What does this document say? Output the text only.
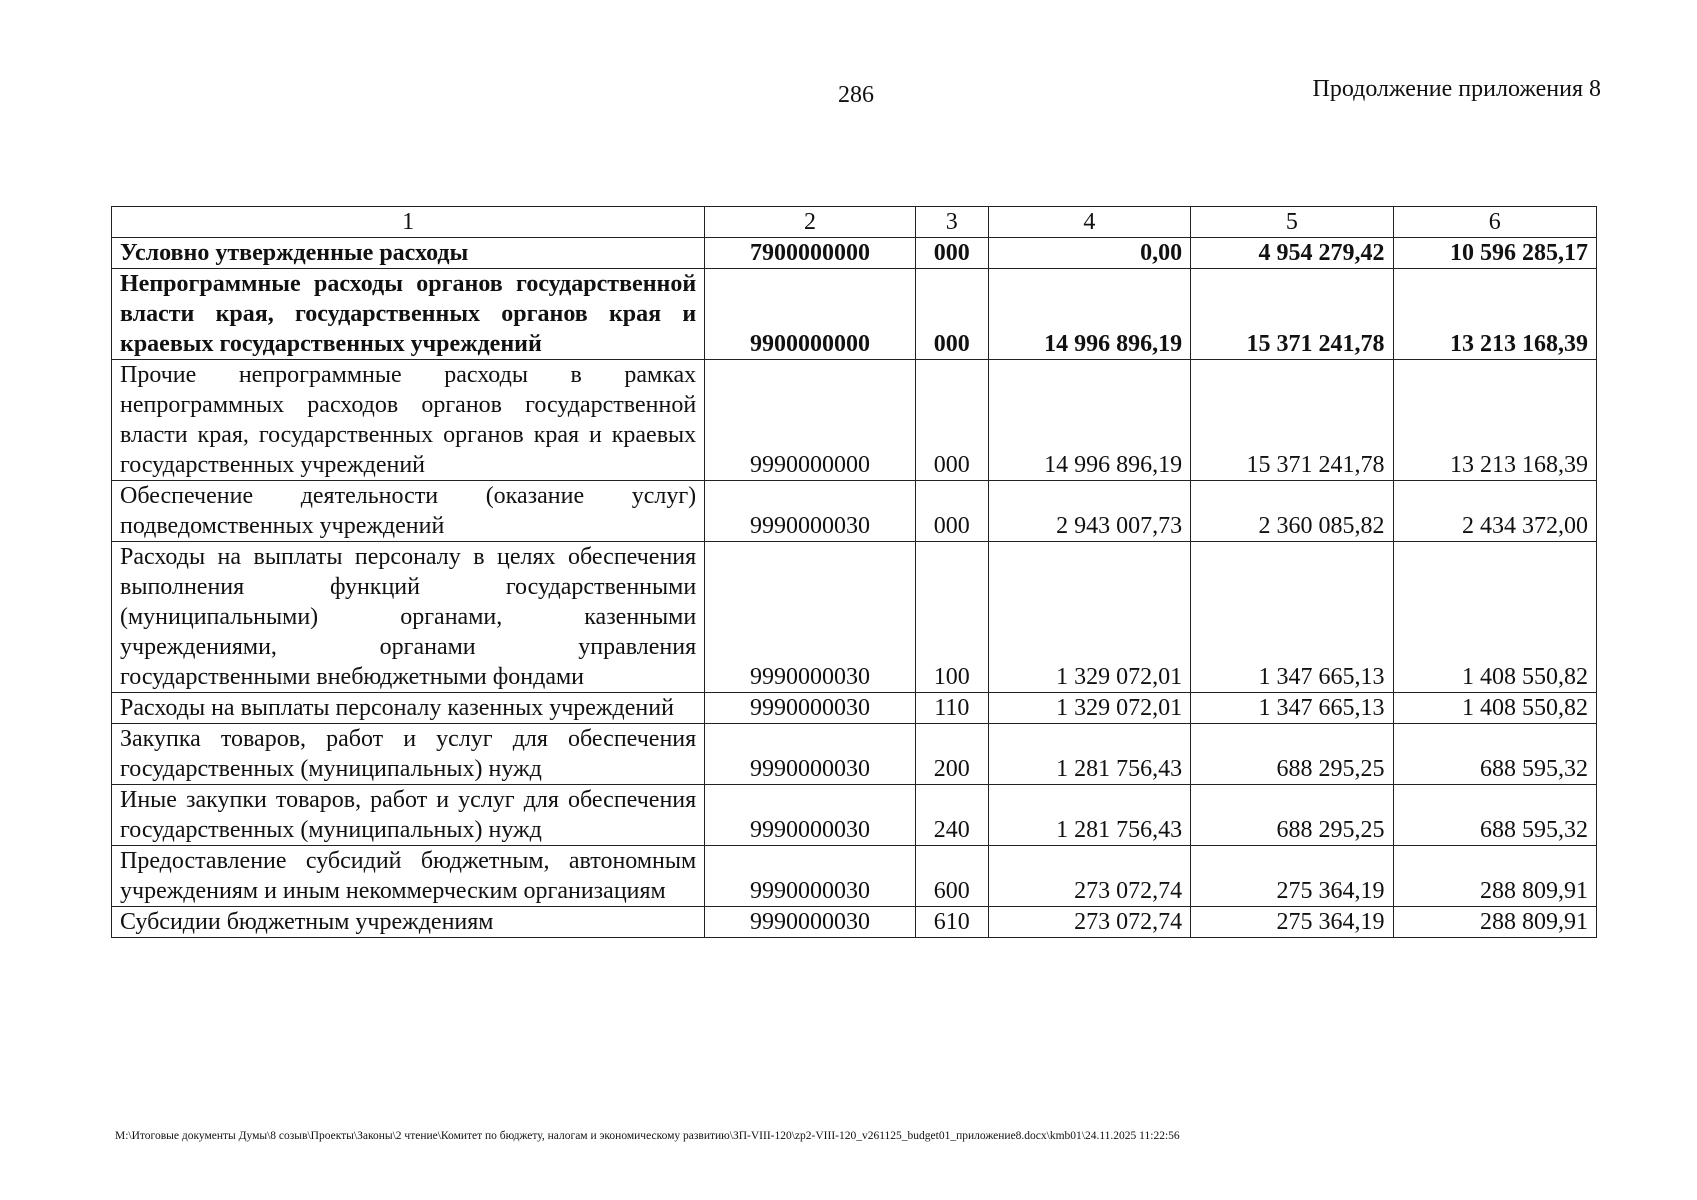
286	Продолжение приложения 8
1	2	3	4	5	6
Условно утвержденные расходы	7900000000	000	0,00	4 954 279,42	10 596 285,17
Непрограммные расходы органов государственной власти края, государственных органов края и краевых государственных учреждений	9900000000	000	14 996 896,19	15 371 241,78	13 213 168,39
Прочие непрограммные расходы в рамках непрограммных расходов органов государственной власти края, государственных органов края и краевых государственных учреждений	9990000000	000	14 996 896,19	15 371 241,78	13 213 168,39
Обеспечение деятельности (оказание услуг) подведомственных учреждений	9990000030	000	2 943 007,73	2 360 085,82	2 434 372,00
Расходы на выплаты персоналу в целях обеспечения выполнения функций государственными (муниципальными) органами, казенными учреждениями, органами управления государственными внебюджетными фондами	9990000030	100	1 329 072,01	1 347 665,13	1 408 550,82
Расходы на выплаты персоналу казенных учреждений	9990000030	110	1 329 072,01	1 347 665,13	1 408 550,82
Закупка товаров, работ и услуг для обеспечения государственных (муниципальных) нужд	9990000030	200	1 281 756,43	688 295,25	688 595,32
Иные закупки товаров, работ и услуг для обеспечения государственных (муниципальных) нужд	9990000030	240	1 281 756,43	688 295,25	688 595,32
Предоставление субсидий бюджетным, автономным учреждениям и иным некоммерческим организациям	9990000030	600	273 072,74	275 364,19	288 809,91
Субсидии бюджетным учреждениям	9990000030	610	273 072,74	275 364,19	288 809,91
M:\Итоговые документы Думы\8 созыв\Проекты\Законы\2 чтение\Комитет по бюджету, налогам и экономическому развитию\ЗП-VIII-120\zp2-VIII-120_v261125_budget01_приложение8.docx\kmb01\24.11.2025 11:22:56
